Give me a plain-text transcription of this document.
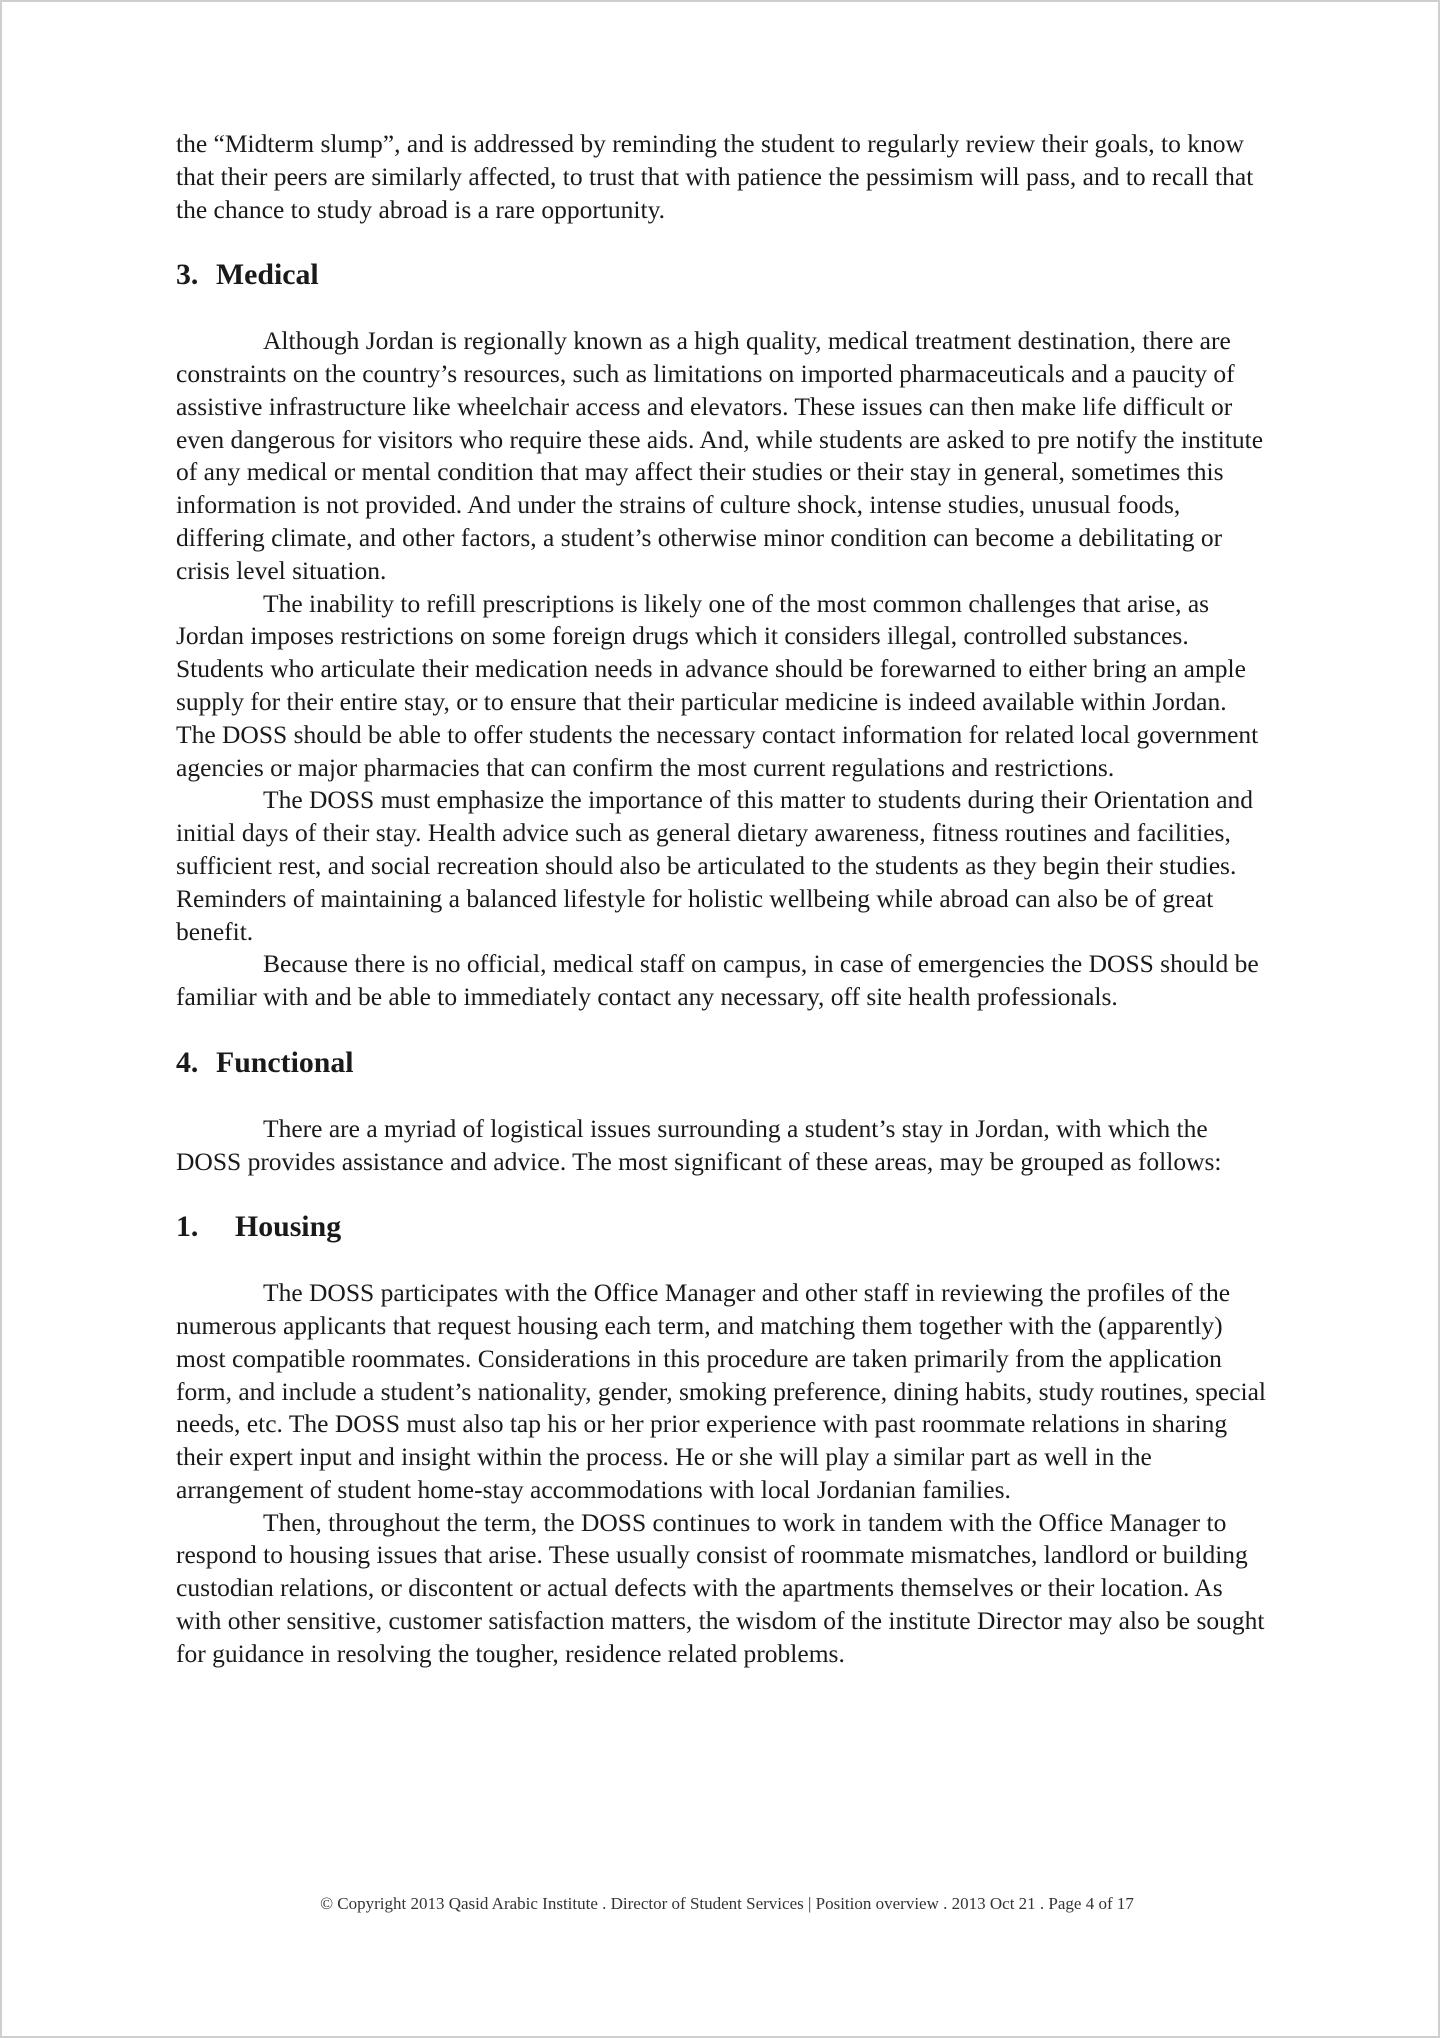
the “Midterm slump”, and is addressed by reminding the student to regularly review their goals, to know that their peers are similarly affected, to trust that with patience the pessimism will pass, and to recall that the chance to study abroad is a rare opportunity.

3. Medical

Although Jordan is regionally known as a high quality, medical treatment destination, there are constraints on the country’s resources, such as limitations on imported pharmaceuticals and a paucity of assistive infrastructure like wheelchair access and elevators. These issues can then make life difficult or even dangerous for visitors who require these aids. And, while students are asked to pre notify the institute of any medical or mental condition that may affect their studies or their stay in general, sometimes this information is not provided. And under the strains of culture shock, intense studies, unusual foods, differing climate, and other factors, a student’s otherwise minor condition can become a debilitating or crisis level situation.

The inability to refill prescriptions is likely one of the most common challenges that arise, as Jordan imposes restrictions on some foreign drugs which it considers illegal, controlled substances. Students who articulate their medication needs in advance should be forewarned to either bring an ample supply for their entire stay, or to ensure that their particular medicine is indeed available within Jordan. The DOSS should be able to offer students the necessary contact information for related local government agencies or major pharmacies that can confirm the most current regulations and restrictions.

The DOSS must emphasize the importance of this matter to students during their Orientation and initial days of their stay. Health advice such as general dietary awareness, fitness routines and facilities, sufficient rest, and social recreation should also be articulated to the students as they begin their studies. Reminders of maintaining a balanced lifestyle for holistic wellbeing while abroad can also be of great benefit.

Because there is no official, medical staff on campus, in case of emergencies the DOSS should be familiar with and be able to immediately contact any necessary, off site health professionals.

4. Functional

There are a myriad of logistical issues surrounding a student’s stay in Jordan, with which the DOSS provides assistance and advice. The most significant of these areas, may be grouped as follows:

1.	Housing

The DOSS participates with the Office Manager and other staff in reviewing the profiles of the numerous applicants that request housing each term, and matching them together with the (apparently) most compatible roommates. Considerations in this procedure are taken primarily from the application form, and include a student’s nationality, gender, smoking preference, dining habits, study routines, special needs, etc. The DOSS must also tap his or her prior experience with past roommate relations in sharing their expert input and insight within the process. He or she will play a similar part as well in the arrangement of student home-stay accommodations with local Jordanian families.

Then, throughout the term, the DOSS continues to work in tandem with the Office Manager to respond to housing issues that arise. These usually consist of roommate mismatches, landlord or building custodian relations, or discontent or actual defects with the apartments themselves or their location. As with other sensitive, customer satisfaction matters, the wisdom of the institute Director may also be sought for guidance in resolving the tougher, residence related problems.

© Copyright 2013 Qasid Arabic Institute . Director of Student Services | Position overview . 2013 Oct 21 . Page 4 of 17
